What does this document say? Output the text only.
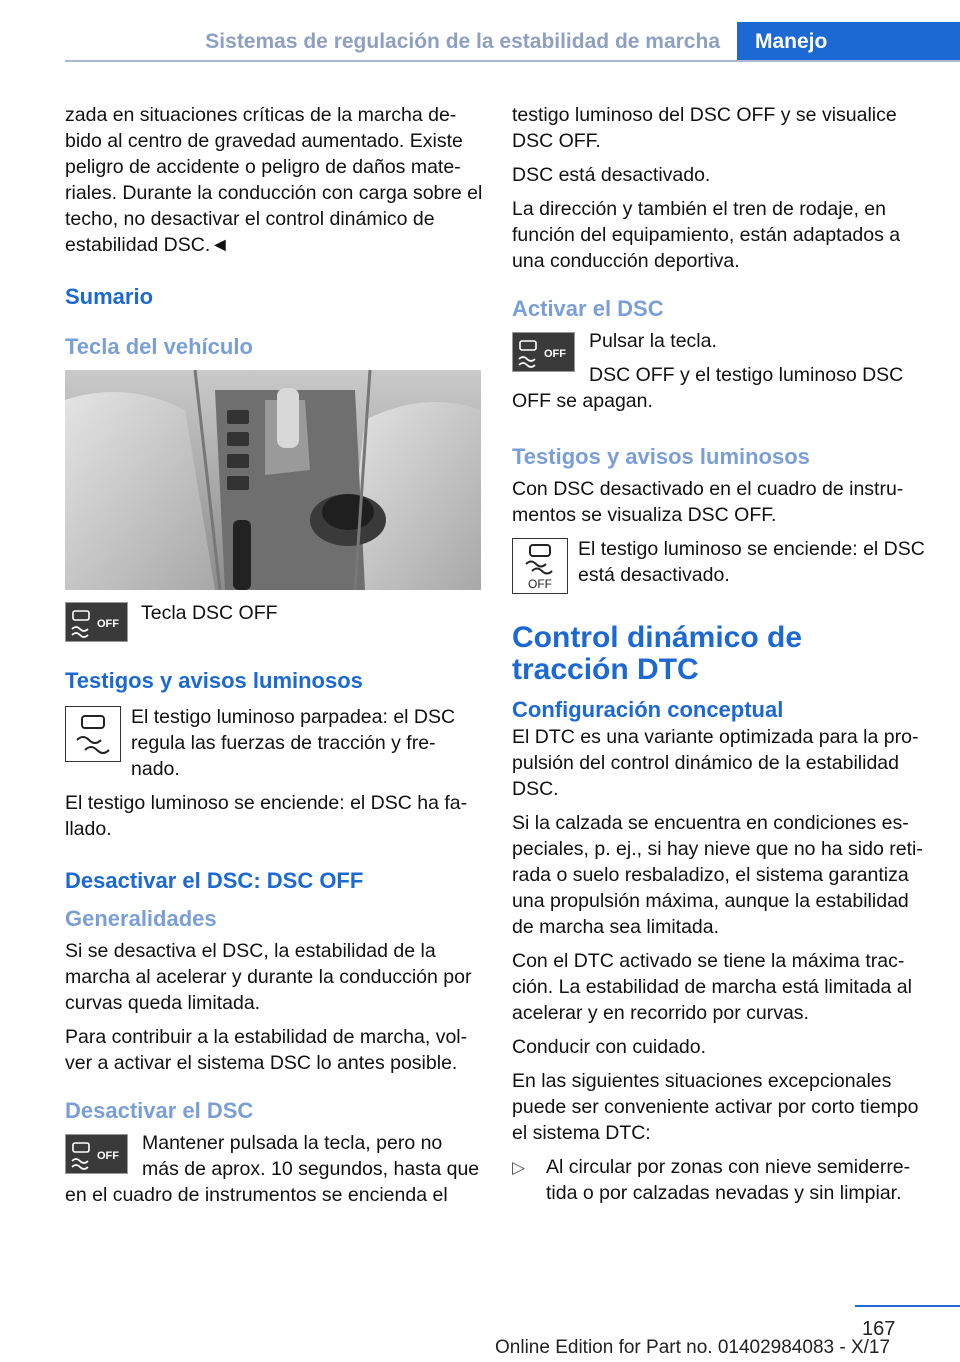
Sistemas de regulación de la estabilidad de marcha	Manejo

zada en situaciones críticas de la marcha de-bido al centro de gravedad aumentado. Existe peligro de accidente o peligro de daños mate-riales. Durante la conducción con carga sobre el techo, no desactivar el control dinámico de estabilidad DSC.◄

Sumario
Tecla del vehículo
OFF Tecla DSC OFF
Testigos y avisos luminosos
El testigo luminoso parpadea: el DSC regula las fuerzas de tracción y fre-nado.

El testigo luminoso se enciende: el DSC ha fa-llado.

Desactivar el DSC: DSC OFF
Generalidades

Si se desactiva el DSC, la estabilidad de la marcha al acelerar y durante la conducción por curvas queda limitada.

Para contribuir a la estabilidad de marcha, vol-ver a activar el sistema DSC lo antes posible.

Desactivar el DSC
OFF
Mantener pulsada la tecla, pero no más de aprox. 10 segundos, hasta que en el cuadro de instrumentos se encienda el

testigo luminoso del DSC OFF y se visualice DSC OFF.

DSC está desactivado.

La dirección y también el tren de rodaje, en función del equipamiento, están adaptados a una conducción deportiva.

Activar el DSC
OFF

Pulsar la tecla.

DSC OFF y el testigo luminoso DSC OFF se apagan.

Testigos y avisos luminosos

Con DSC desactivado en el cuadro de instru-mentos se visualiza DSC OFF.

OFF
El testigo luminoso se enciende: el DSC está desactivado.
Control dinámico de tracción DTC
Configuración conceptual

El DTC es una variante optimizada para la pro-pulsión del control dinámico de la estabilidad DSC.

Si la calzada se encuentra en condiciones es-peciales, p. ej., si hay nieve que no ha sido reti-rada o suelo resbaladizo, el sistema garantiza una propulsión máxima, aunque la estabilidad de marcha sea limitada.

Con el DTC activado se tiene la máxima trac-ción. La estabilidad de marcha está limitada al acelerar y en recorrido por curvas.

Conducir con cuidado.

En las siguientes situaciones excepcionales puede ser conveniente activar por corto tiempo el sistema DTC:

▷ Al circular por zonas con nieve semiderre-tida o por calzadas nevadas y sin limpiar.
167
Online Edition for Part no. 01402984083 - X/17
